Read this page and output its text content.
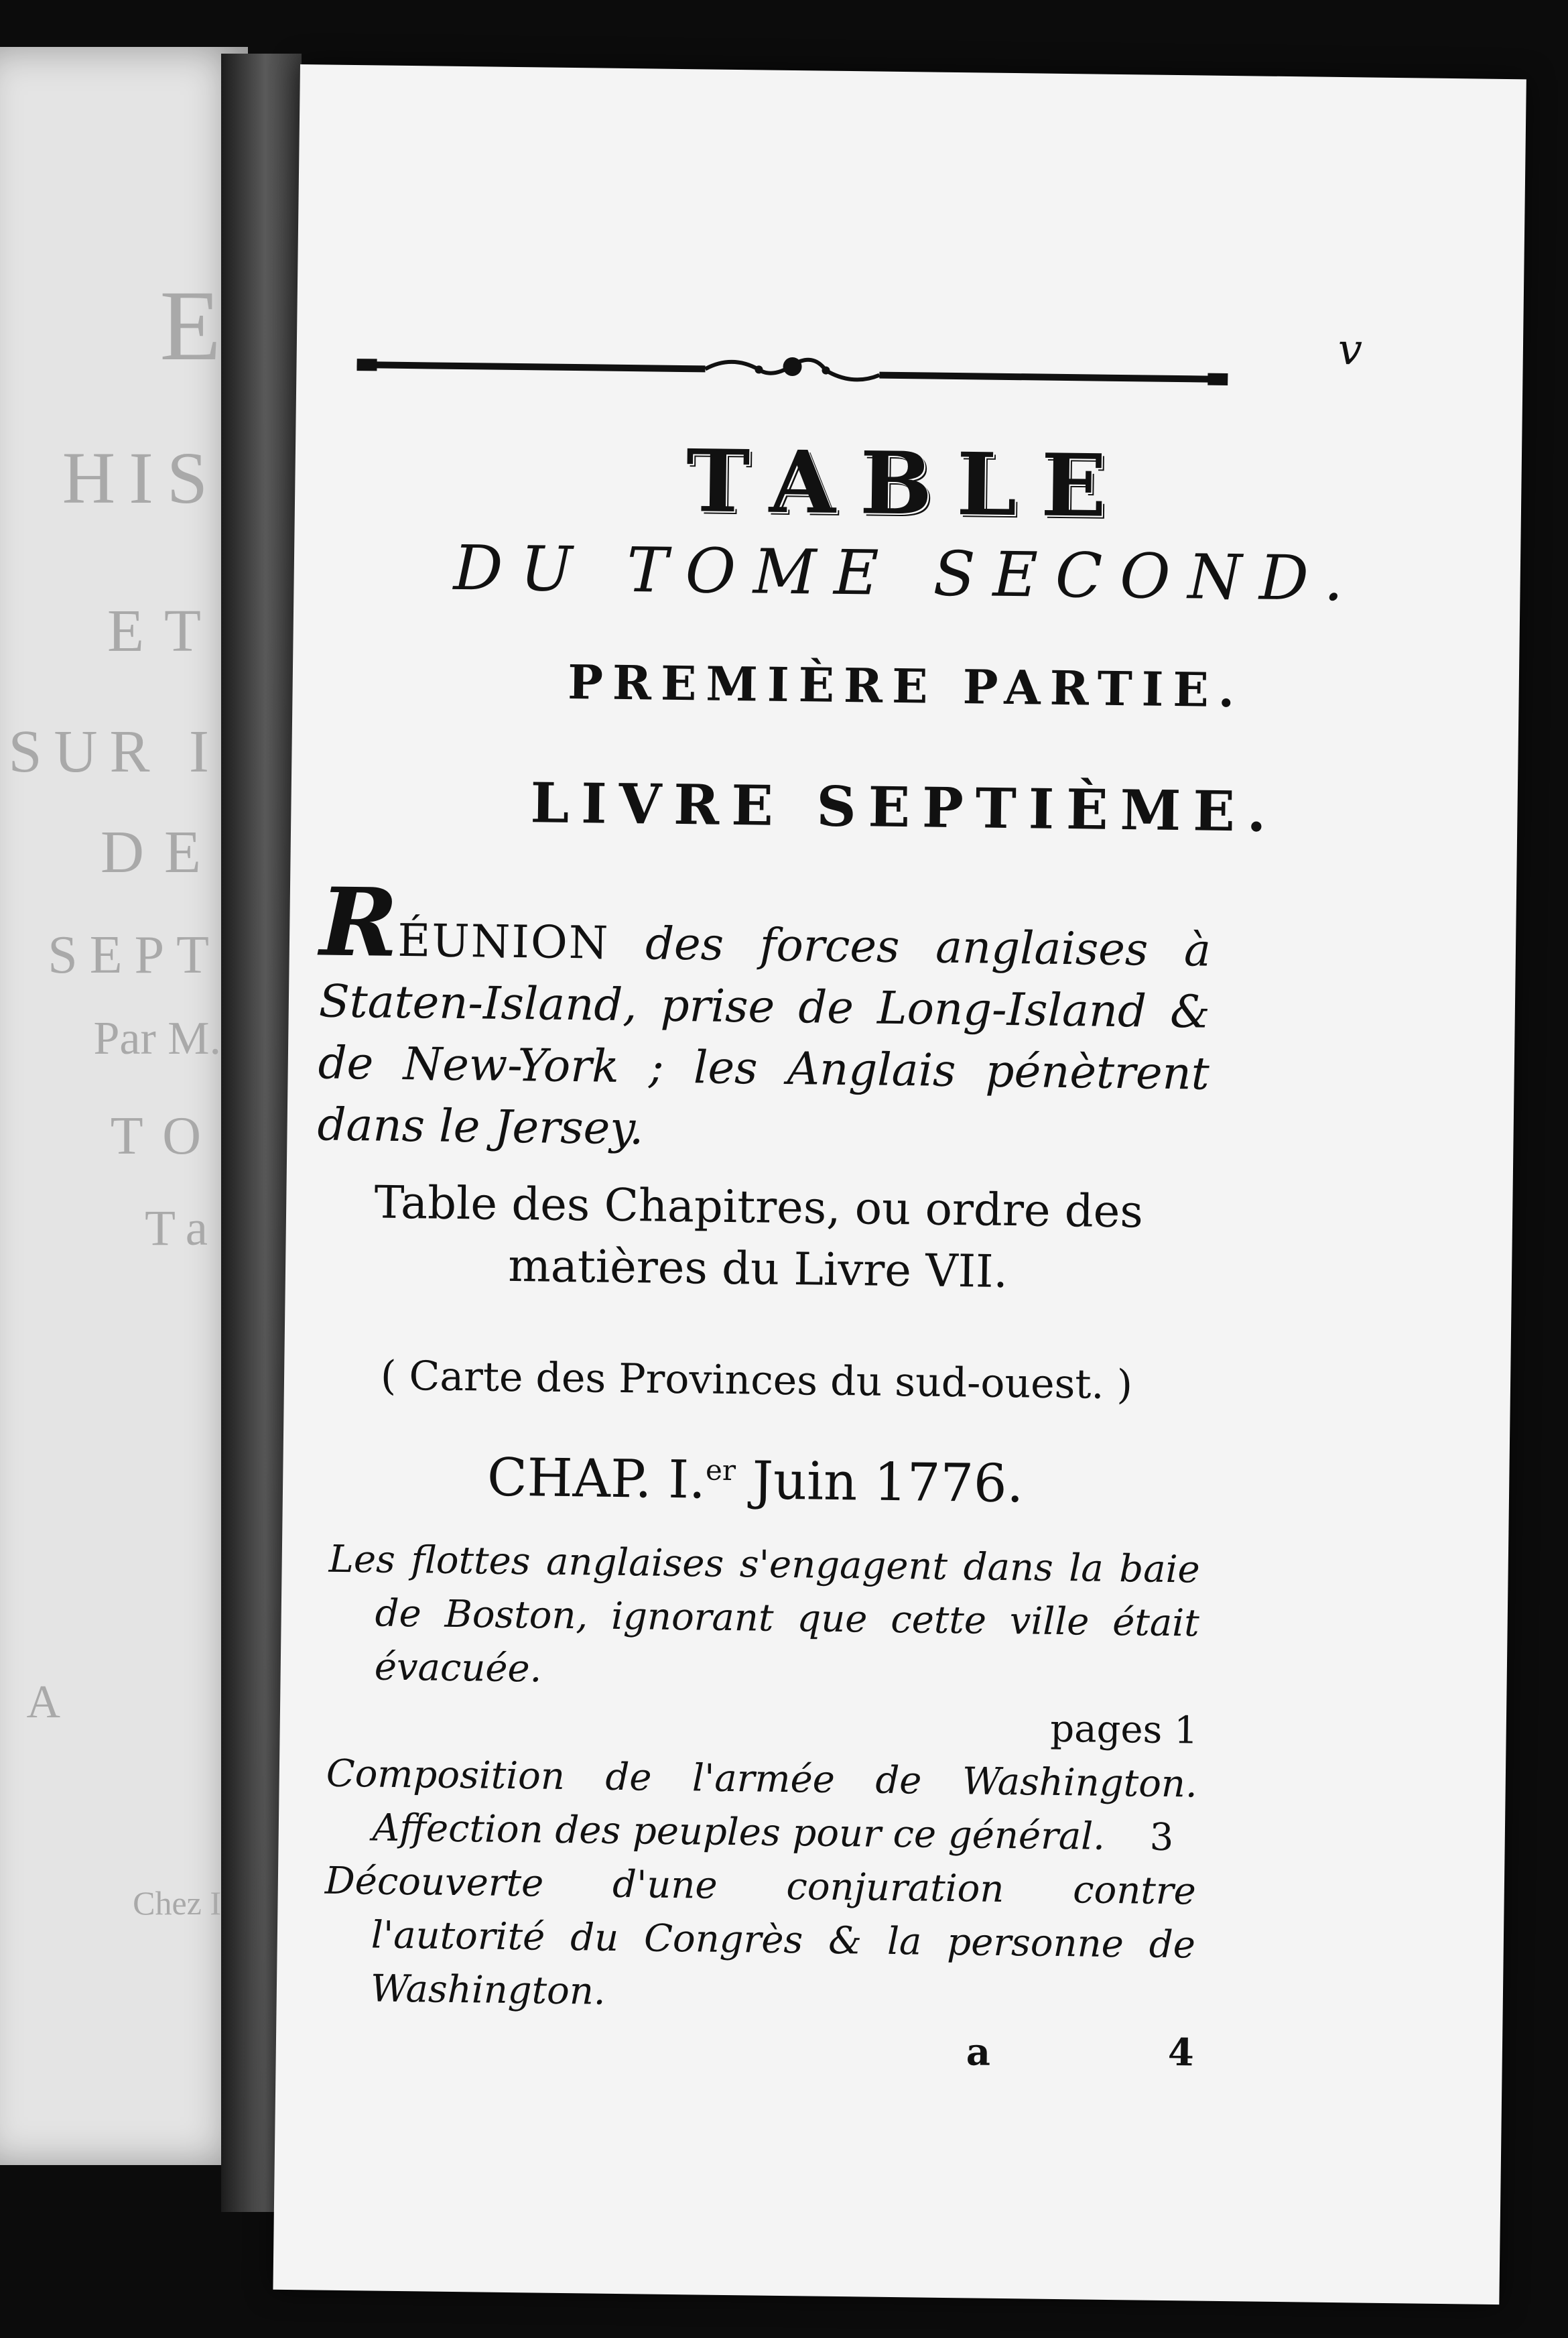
E
HIS
ET
SUR I
DE
SEPT
Par M.
TO
Ta
A
Chez I
v
TABLE
DU TOME SECOND.
PREMIÈRE PARTIE.
LIVRE SEPTIÈME.
RÉUNION des forces anglaises à Staten-Island, prise de Long-Island & de New-York ; les Anglais pénètrent dans le Jersey.
Table des Chapitres, ou ordre des matières du Livre VII.
( Carte des Provinces du sud-ouest. )
CHAP. I.$^{er}$ Juin 1776.
Les flottes anglaises s'engagent dans la baie de Boston, ignorant que cette ville était évacuée.
pages 1
Composition de l'armée de Washington. Affection des peuples pour ce général. 3
Découverte d'une conjuration contre l'autorité du Congrès & la personne de Washington.
4
a
